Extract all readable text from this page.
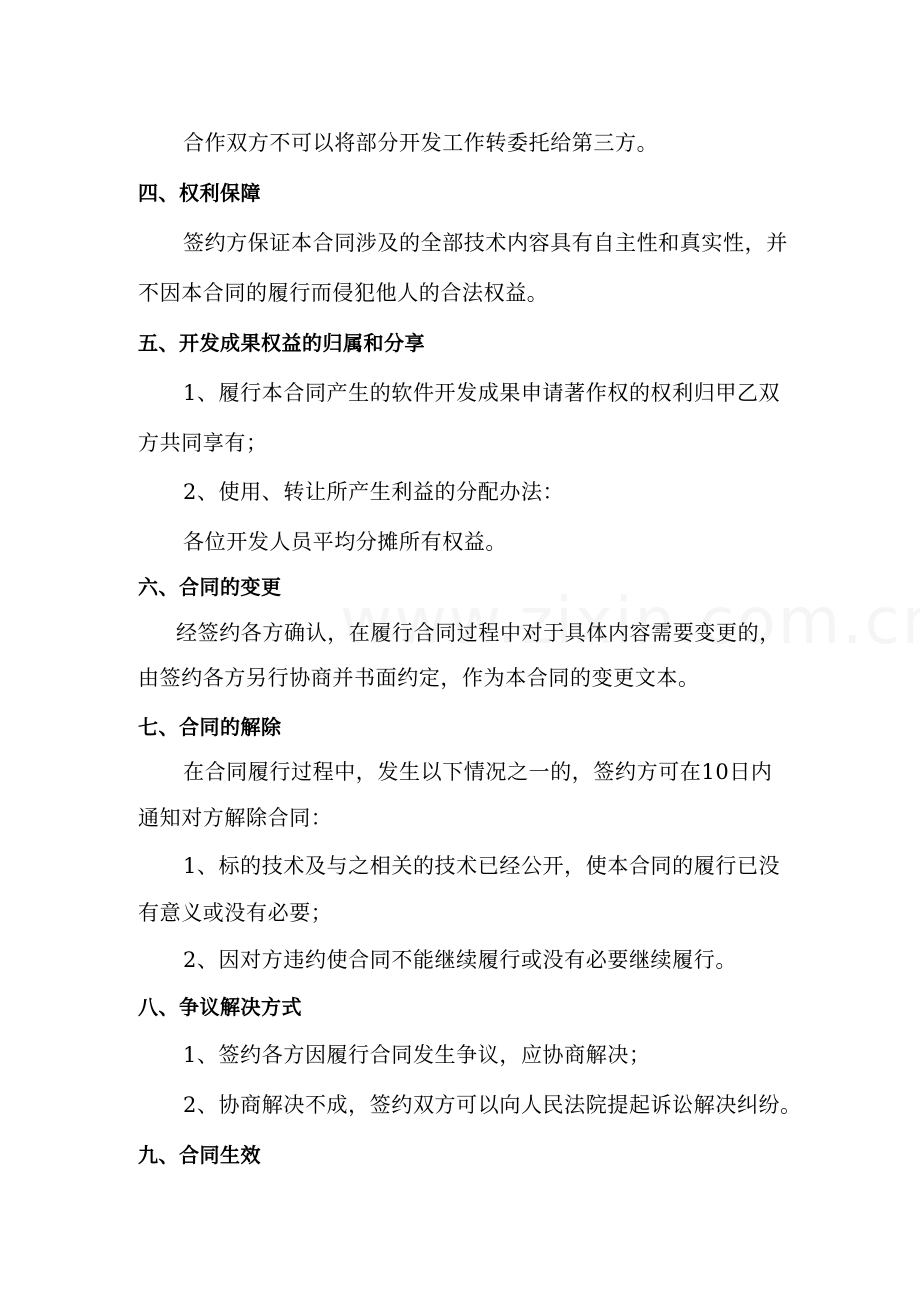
合作双方不可以将部分开发工作转委托给第三方。
四、权利保障
签约方保证本合同涉及的全部技术内容具有自主性和真实性，并
不因本合同的履行而侵犯他人的合法权益。
五、开发成果权益的归属和分享
1、履行本合同产生的软件开发成果申请著作权的权利归甲乙双
方共同享有；
2、使用、转让所产生利益的分配办法：
各位开发人员平均分摊所有权益。
六、合同的变更
经签约各方确认，在履行合同过程中对于具体内容需要变更的，
由签约各方另行协商并书面约定，作为本合同的变更文本。
七、合同的解除
在合同履行过程中，发生以下情况之一的，签约方可在10日内
通知对方解除合同：
1、标的技术及与之相关的技术已经公开，使本合同的履行已没
有意义或没有必要；
2、因对方违约使合同不能继续履行或没有必要继续履行。
八、争议解决方式
1、签约各方因履行合同发生争议，应协商解决；
2、协商解决不成，签约双方可以向人民法院提起诉讼解决纠纷。
九、合同生效
